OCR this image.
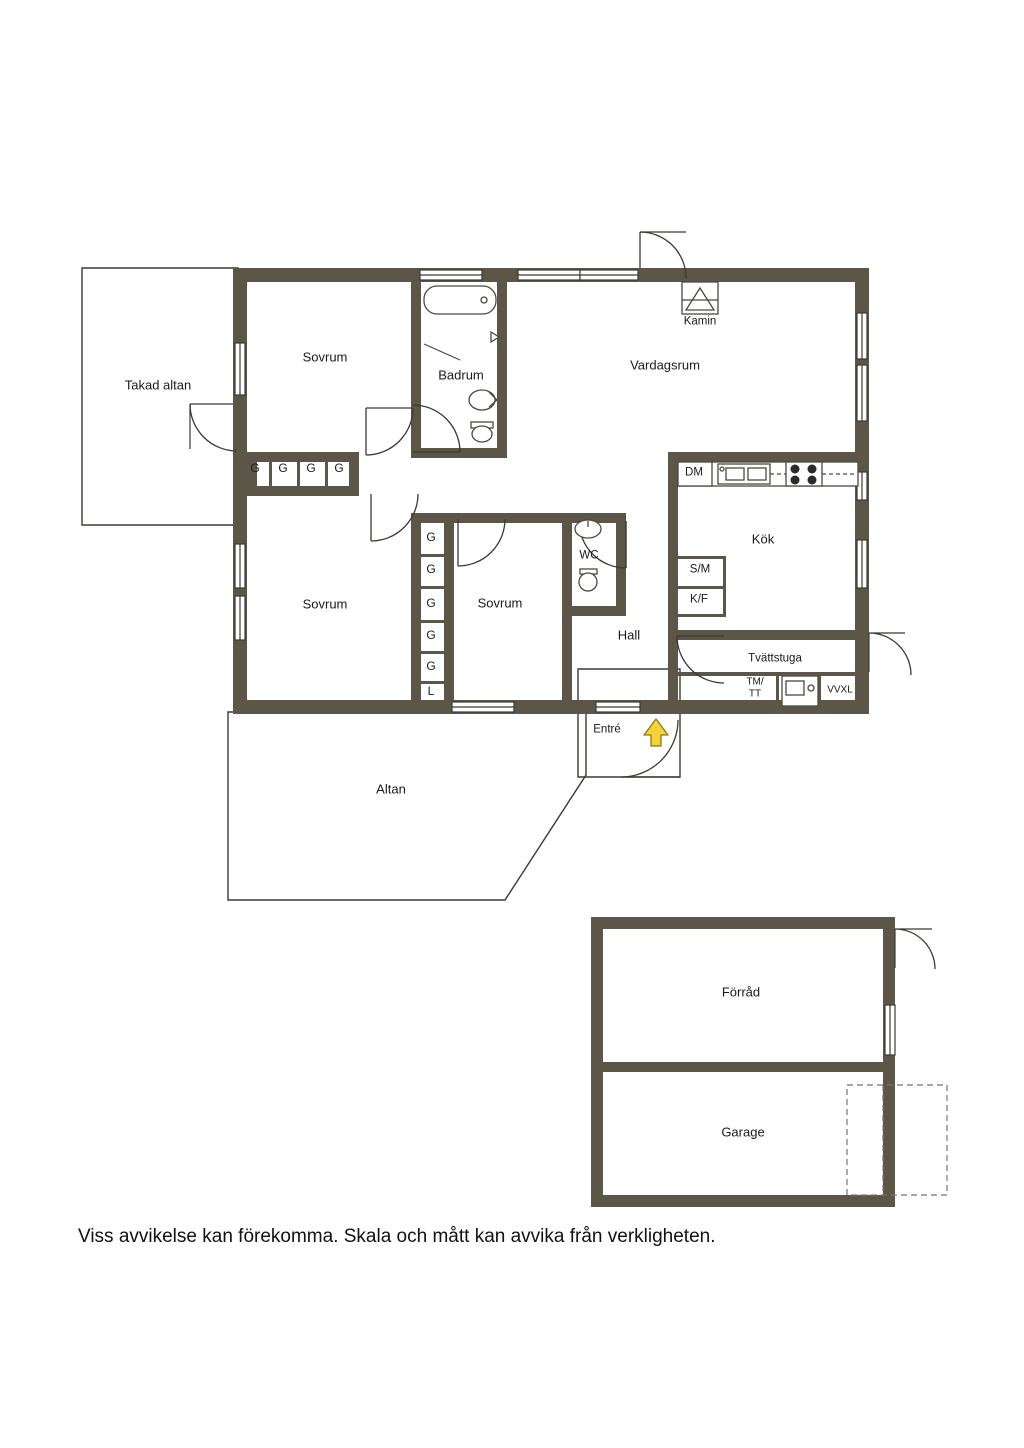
Takad altan
Sovrum
Badrum
Vardagsrum
Kamin
Kök
Sovrum	Sovrum
WC
Hall
Tvättstuga
Entré
Altan
Förråd
Garage
DM
S/M
K/F
TM/
TT	VVXL
G G G G
G
G
G
G
G
L
Viss avvikelse kan förekomma. Skala och mått kan avvika från verkligheten.
